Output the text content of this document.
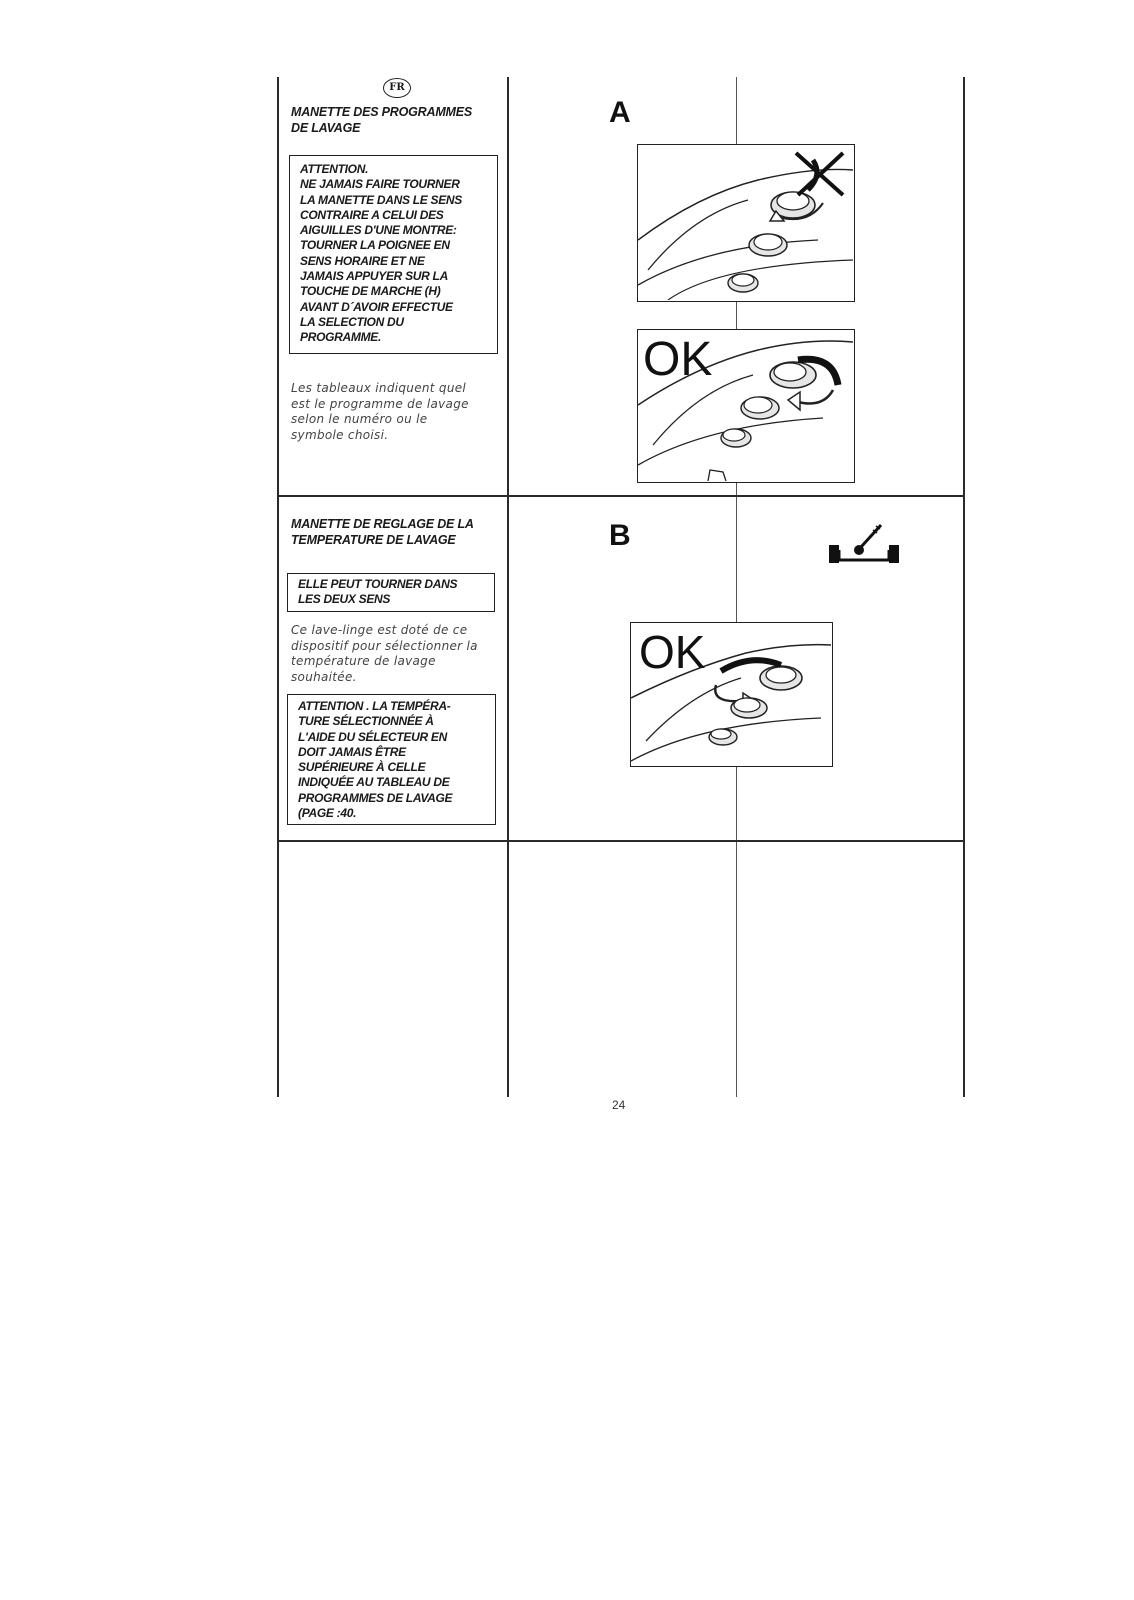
FR
MANETTE DES PROGRAMMES
DE LAVAGE
ATTENTION.
NE JAMAIS FAIRE TOURNER
LA MANETTE DANS LE SENS
CONTRAIRE A CELUI DES
AIGUILLES D'UNE MONTRE:
TOURNER LA POIGNEE EN
SENS HORAIRE ET NE
JAMAIS APPUYER SUR LA
TOUCHE DE MARCHE (H)
AVANT D´AVOIR EFFECTUE
LA SELECTION DU
PROGRAMME.
Les tableaux indiquent quel
est le programme de lavage
selon le numéro ou le
symbole choisi.
A
OK
MANETTE DE REGLAGE DE LA
TEMPERATURE DE LAVAGE
ELLE PEUT TOURNER DANS
LES DEUX SENS
Ce lave-linge est doté de ce
dispositif pour sélectionner la
température de lavage
souhaitée.
ATTENTION . LA TEMPÉRA-
TURE SÉLECTIONNÉE À
L'AIDE DU SÉLECTEUR EN
DOIT JAMAIS ÊTRE
SUPÉRIEURE À CELLE
INDIQUÉE AU TABLEAU DE
PROGRAMMES DE LAVAGE
(PAGE :40.
B
OK
24
